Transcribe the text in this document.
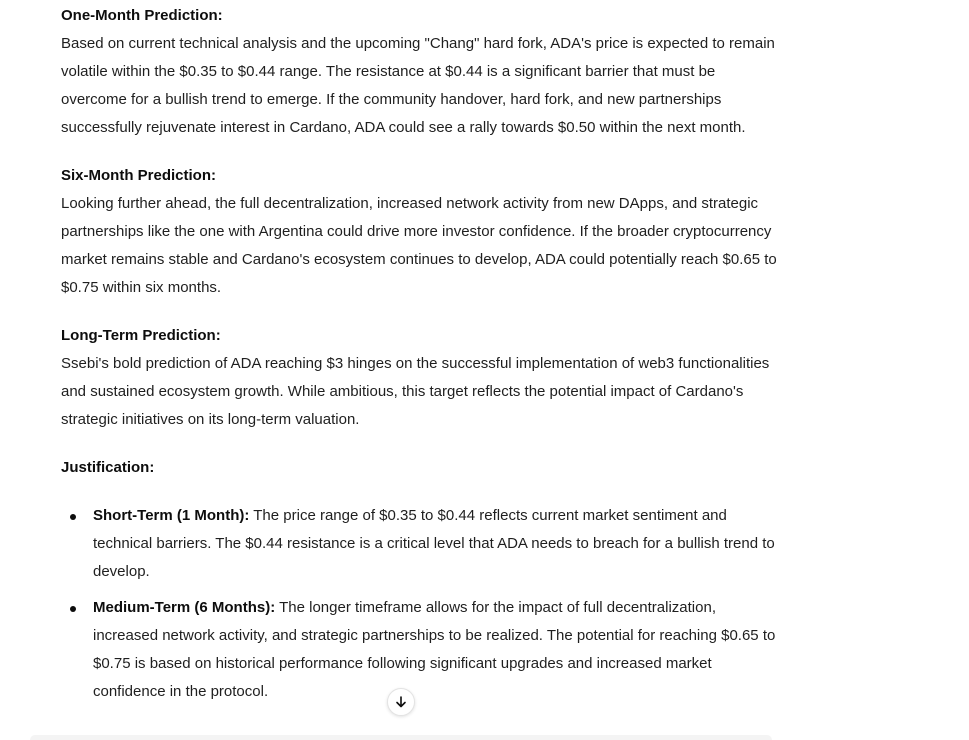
One-Month Prediction:

Based on current technical analysis and the upcoming "Chang" hard fork, ADA's price is expected to remain volatile within the $0.35 to $0.44 range. The resistance at $0.44 is a significant barrier that must be overcome for a bullish trend to emerge. If the community handover, hard fork, and new partnerships successfully rejuvenate interest in Cardano, ADA could see a rally towards $0.50 within the next month.

Six-Month Prediction:

Looking further ahead, the full decentralization, increased network activity from new DApps, and strategic partnerships like the one with Argentina could drive more investor confidence. If the broader cryptocurrency market remains stable and Cardano's ecosystem continues to develop, ADA could potentially reach $0.65 to $0.75 within six months.

Long-Term Prediction:

Ssebi's bold prediction of ADA reaching $3 hinges on the successful implementation of web3 functionalities and sustained ecosystem growth. While ambitious, this target reflects the potential impact of Cardano's strategic initiatives on its long-term valuation.

Justification:

Short-Term (1 Month): The price range of $0.35 to $0.44 reflects current market sentiment and technical barriers. The $0.44 resistance is a critical level that ADA needs to breach for a bullish trend to develop.
Medium-Term (6 Months): The longer timeframe allows for the impact of full decentralization, increased network activity, and strategic partnerships to be realized. The potential for reaching $0.65 to $0.75 is based on historical performance following significant upgrades and increased market confidence in the protocol.
